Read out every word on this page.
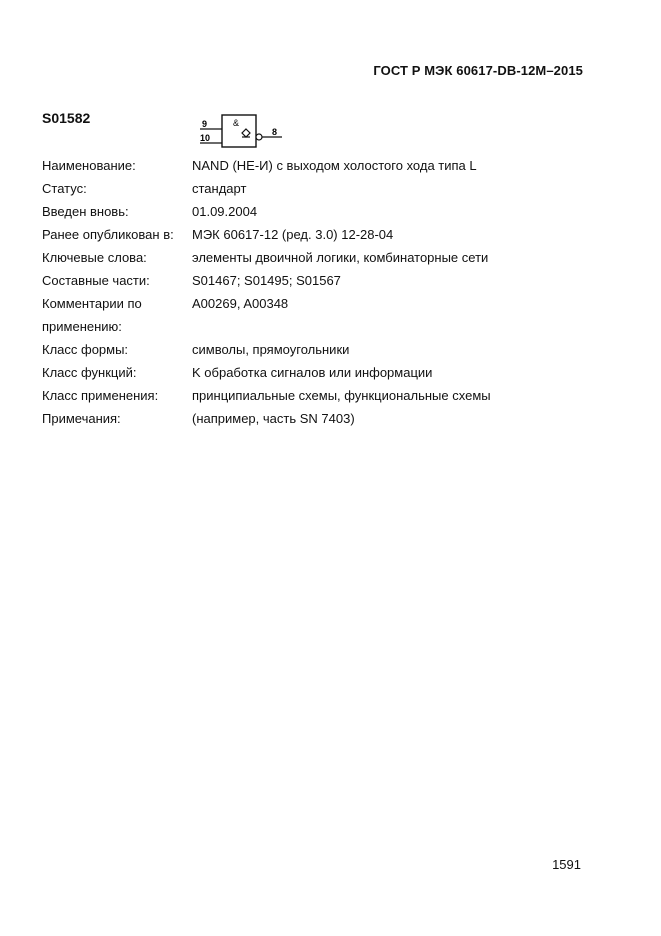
ГОСТ Р МЭК 60617-DB-12M–2015
S01582	&
9
10
8
Наименование:	NAND (НЕ-И) с выходом холостого хода типа L
Статус:	стандарт
Введен вновь:	01.09.2004
Ранее опубликован в:	МЭК 60617-12 (ред. 3.0) 12-28-04
Ключевые слова:	элементы двоичной логики, комбинаторные сети
Составные части:	S01467; S01495; S01567
Комментарии по	A00269, A00348
применению:
Класс формы:	символы, прямоугольники
Класс функций:	K обработка сигналов или информации
Класс применения:	принципиальные схемы, функциональные схемы
Примечания:	(например, часть SN 7403)
1591
